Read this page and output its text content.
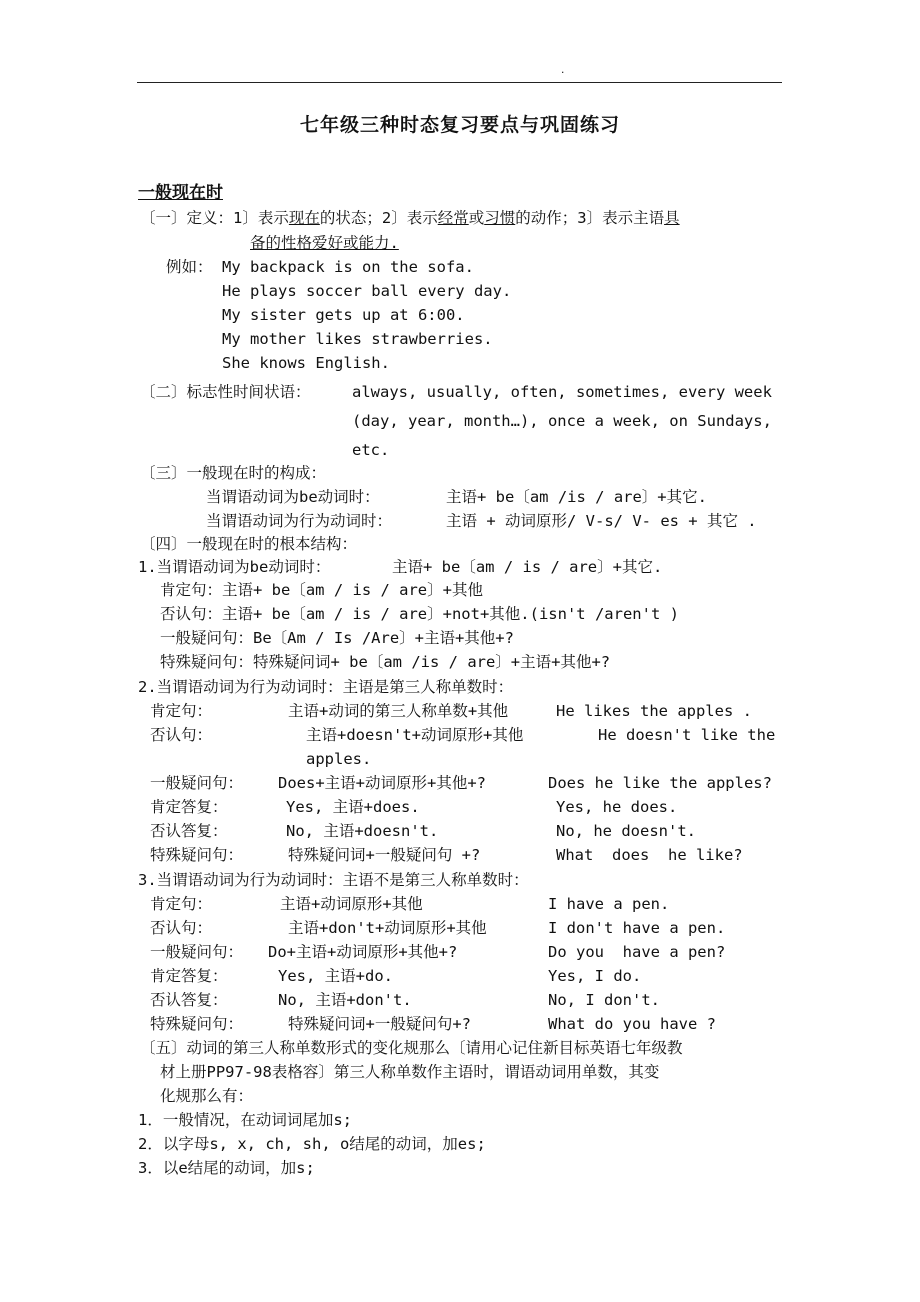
.
七年级三种时态复习要点与巩固练习
一般现在时
〔一〕定义：1〕表示现在的状态；2〕表示经常或习惯的动作；3〕表示主语具
备的性格爱好或能力.
例如： My backpack is on the sofa.
He plays soccer ball every day.
My sister gets up at 6:00.
My mother likes strawberries.
She knows English.
〔二〕标志性时间状语：	always, usually, often, sometimes, every week
(day, year, month…), once a week, on Sundays,
etc.
〔三〕一般现在时的构成：
当谓语动词为be动词时：	主语+ be〔am /is / are〕+其它.
当谓语动词为行为动词时：	主语 + 动词原形/ V-s/ V- es + 其它 .
〔四〕一般现在时的根本结构：
1.当谓语动词为be动词时：	主语+ be〔am / is / are〕+其它.
肯定句：主语+ be〔am / is / are〕+其他
否认句：主语+ be〔am / is / are〕+not+其他.(isn't /aren't )
一般疑问句：Be〔Am / Is /Are〕+主语+其他+?
特殊疑问句：特殊疑问词+ be〔am /is / are〕+主语+其他+?
2.当谓语动词为行为动词时：主语是第三人称单数时：
肯定句：	主语+动词的第三人称单数+其他	He likes the apples .
否认句：	主语+doesn't+动词原形+其他	He doesn't like the
apples.
一般疑问句： Does+主语+动词原形+其他+?	Does he like the apples?
肯定答复：	Yes, 主语+does.	Yes, he does.
否认答复：	No, 主语+doesn't.	No, he doesn't.
特殊疑问句：	特殊疑问词+一般疑问句 +?	What  does  he like?
3.当谓语动词为行为动词时：主语不是第三人称单数时：
肯定句：	主语+动词原形+其他	I have a pen.
否认句：	主语+don't+动词原形+其他	I don't have a pen.
一般疑问句： Do+主语+动词原形+其他+?	Do you  have a pen?
肯定答复：	Yes, 主语+do.	Yes, I do.
否认答复：	No, 主语+don't.	No, I don't.
特殊疑问句：	特殊疑问词+一般疑问句+?	What do you have ?
〔五〕动词的第三人称单数形式的变化规那么〔请用心记住新目标英语七年级教
材上册PP97-98表格容〕第三人称单数作主语时，谓语动词用单数，其变
化规那么有：
1．一般情况，在动词词尾加s;
2．以字母s, x, ch, sh, o结尾的动词，加es;
3．以e结尾的动词，加s;
